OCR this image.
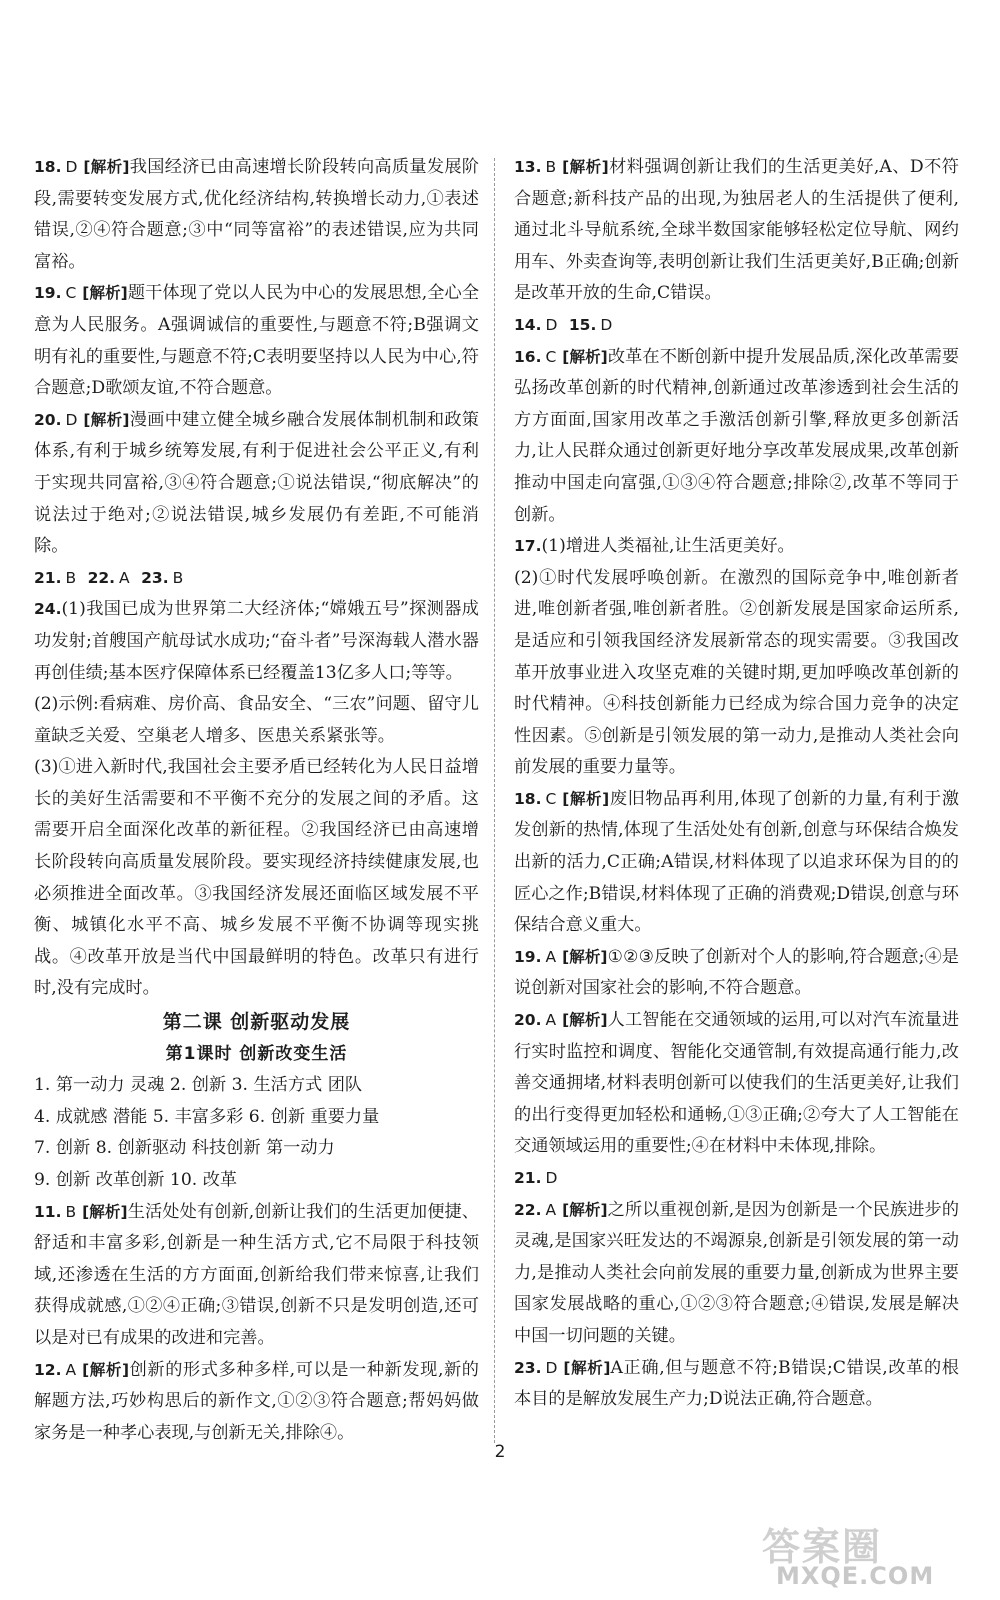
18. D [解析]我国经济已由高速增长阶段转向高质量发展阶段,需要转变发展方式,优化经济结构,转换增长动力,①表述错误,②④符合题意;③中“同等富裕”的表述错误,应为共同富裕。

19. C [解析]题干体现了党以人民为中心的发展思想,全心全意为人民服务。A强调诚信的重要性,与题意不符;B强调文明有礼的重要性,与题意不符;C表明要坚持以人民为中心,符合题意;D歌颂友谊,不符合题意。

20. D [解析]漫画中建立健全城乡融合发展体制机制和政策体系,有利于城乡统筹发展,有利于促进社会公平正义,有利于实现共同富裕,③④符合题意;①说法错误,“彻底解决”的说法过于绝对;②说法错误,城乡发展仍有差距,不可能消除。

21. B 22. A 23. B

24.(1)我国已成为世界第二大经济体;“嫦娥五号”探测器成功发射;首艘国产航母试水成功;“奋斗者”号深海载人潜水器再创佳绩;基本医疗保障体系已经覆盖13亿多人口;等等。

(2)示例:看病难、房价高、食品安全、“三农”问题、留守儿童缺乏关爱、空巢老人增多、医患关系紧张等。

(3)①进入新时代,我国社会主要矛盾已经转化为人民日益增长的美好生活需要和不平衡不充分的发展之间的矛盾。这需要开启全面深化改革的新征程。②我国经济已由高速增长阶段转向高质量发展阶段。要实现经济持续健康发展,也必须推进全面改革。③我国经济发展还面临区域发展不平衡、城镇化水平不高、城乡发展不平衡不协调等现实挑战。④改革开放是当代中国最鲜明的特色。改革只有进行时,没有完成时。

第二课 创新驱动发展

第1课时 创新改变生活

1. 第一动力 灵魂 2. 创新 3. 生活方式 团队

4. 成就感 潜能 5. 丰富多彩 6. 创新 重要力量

7. 创新 8. 创新驱动 科技创新 第一动力

9. 创新 改革创新 10. 改革

11. B [解析]生活处处有创新,创新让我们的生活更加便捷、舒适和丰富多彩,创新是一种生活方式,它不局限于科技领域,还渗透在生活的方方面面,创新给我们带来惊喜,让我们获得成就感,①②④正确;③错误,创新不只是发明创造,还可以是对已有成果的改进和完善。

12. A [解析]创新的形式多种多样,可以是一种新发现,新的解题方法,巧妙构思后的新作文,①②③符合题意;帮妈妈做家务是一种孝心表现,与创新无关,排除④。

13. B [解析]材料强调创新让我们的生活更美好,A、D不符合题意;新科技产品的出现,为独居老人的生活提供了便利,通过北斗导航系统,全球半数国家能够轻松定位导航、网约用车、外卖查询等,表明创新让我们生活更美好,B正确;创新是改革开放的生命,C错误。

14. D 15. D

16. C [解析]改革在不断创新中提升发展品质,深化改革需要弘扬改革创新的时代精神,创新通过改革渗透到社会生活的方方面面,国家用改革之手激活创新引擎,释放更多创新活力,让人民群众通过创新更好地分享改革发展成果,改革创新推动中国走向富强,①③④符合题意;排除②,改革不等同于创新。

17.(1)增进人类福祉,让生活更美好。

(2)①时代发展呼唤创新。在激烈的国际竞争中,唯创新者进,唯创新者强,唯创新者胜。②创新发展是国家命运所系,是适应和引领我国经济发展新常态的现实需要。③我国改革开放事业进入攻坚克难的关键时期,更加呼唤改革创新的时代精神。④科技创新能力已经成为综合国力竞争的决定性因素。⑤创新是引领发展的第一动力,是推动人类社会向前发展的重要力量等。

18. C [解析]废旧物品再利用,体现了创新的力量,有利于激发创新的热情,体现了生活处处有创新,创意与环保结合焕发出新的活力,C正确;A错误,材料体现了以追求环保为目的的匠心之作;B错误,材料体现了正确的消费观;D错误,创意与环保结合意义重大。

19. A [解析]①②③反映了创新对个人的影响,符合题意;④是说创新对国家社会的影响,不符合题意。

20. A [解析]人工智能在交通领域的运用,可以对汽车流量进行实时监控和调度、智能化交通管制,有效提高通行能力,改善交通拥堵,材料表明创新可以使我们的生活更美好,让我们的出行变得更加轻松和通畅,①③正确;②夸大了人工智能在交通领域运用的重要性;④在材料中未体现,排除。

21. D

22. A [解析]之所以重视创新,是因为创新是一个民族进步的灵魂,是国家兴旺发达的不竭源泉,创新是引领发展的第一动力,是推动人类社会向前发展的重要力量,创新成为世界主要国家发展战略的重心,①②③符合题意;④错误,发展是解决中国一切问题的关键。

23. D [解析]A正确,但与题意不符;B错误;C错误,改革的根本目的是解放发展生产力;D说法正确,符合题意。

2
答案圈
MXQE.COM
